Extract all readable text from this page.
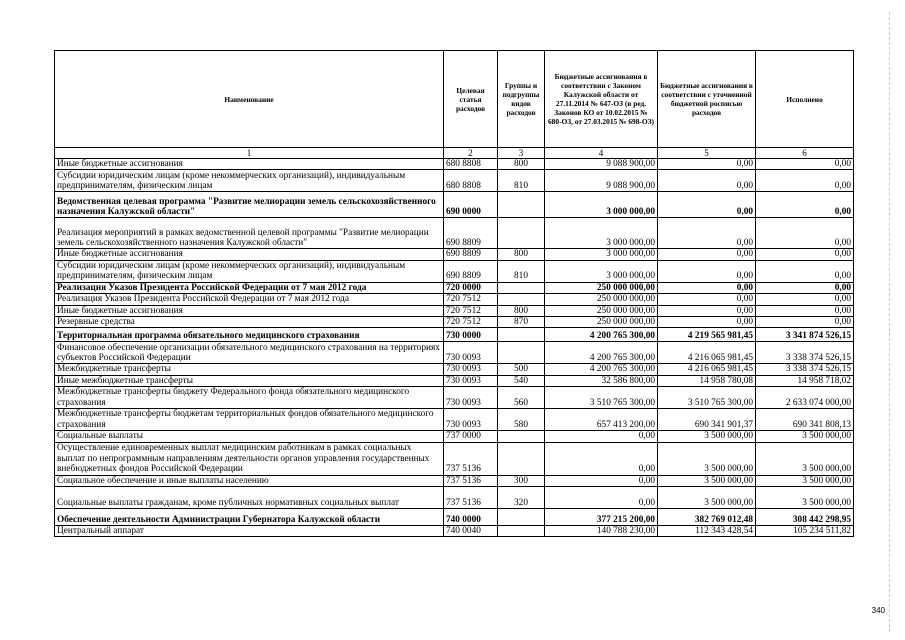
Наименование	Целевая статья расходов	Группы и подгруппы видов расходов	Бюджетные ассигнования в соответствии с Законом Калужской области от 27.11.2014 № 647-ОЗ (в ред. Законов КО от 10.02.2015 № 680-ОЗ, от 27.03.2015 № 698-ОЗ)	Бюджетные ассигнования в соответствии с уточненной бюджетной росписью расходов	Исполнено
1	2	3	4	5	6
Иные бюджетные ассигнования	680 8808	800	9 088 900,00	0,00	0,00
Субсидии юридическим лицам (кроме некоммерческих организаций), индивидуальным предпринимателям, физическим лицам	680 8808	810	9 088 900,00	0,00	0,00
Ведомственная целевая программа "Развитие мелиорации земель сельскохозяйственного назначения Калужской области"	690 0000		3 000 000,00	0,00	0,00
Реализация мероприятий в рамках ведомственной целевой программы "Развитие мелиорации земель сельскохозяйственного назначения Калужской области"	690 8809		3 000 000,00	0,00	0,00
Иные бюджетные ассигнования	690 8809	800	3 000 000,00	0,00	0,00
Субсидии юридическим лицам (кроме некоммерческих организаций), индивидуальным предпринимателям, физическим лицам	690 8809	810	3 000 000,00	0,00	0,00
Реализация Указов Президента Российской Федерации от 7 мая 2012 года	720 0000		250 000 000,00	0,00	0,00
Реализация Указов Президента Российской Федерации от 7 мая 2012 года	720 7512		250 000 000,00	0,00	0,00
Иные бюджетные ассигнования	720 7512	800	250 000 000,00	0,00	0,00
Резервные средства	720 7512	870	250 000 000,00	0,00	0,00
Территориальная программа обязательного медицинского страхования	730 0000		4 200 765 300,00	4 219 565 981,45	3 341 874 526,15
Финансовое обеспечение организации обязательного медицинского страхования на территориях субъектов Российской Федерации	730 0093		4 200 765 300,00	4 216 065 981,45	3 338 374 526,15
Межбюджетные трансферты	730 0093	500	4 200 765 300,00	4 216 065 981,45	3 338 374 526,15
Иные межбюджетные трансферты	730 0093	540	32 586 800,00	14 958 780,08	14 958 718,02
Межбюджетные трансферты бюджету Федерального фонда обязательного медицинского страхования	730 0093	560	3 510 765 300,00	3 510 765 300,00	2 633 074 000,00
Межбюджетные трансферты бюджетам территориальных фондов обязательного медицинского страхования	730 0093	580	657 413 200,00	690 341 901,37	690 341 808,13
Социальные выплаты	737 0000		0,00	3 500 000,00	3 500 000,00
Осуществление единовременных выплат медицинским работникам в рамках социальных выплат по непрограммным направлениям деятельности органов управления государственных внебюджетных фондов Российской Федерации	737 5136		0,00	3 500 000,00	3 500 000,00
Социальное обеспечение и иные выплаты населению	737 5136	300	0,00	3 500 000,00	3 500 000,00
Социальные выплаты гражданам, кроме публичных нормативных социальных выплат	737 5136	320	0,00	3 500 000,00	3 500 000,00
Обеспечение деятельности Администрации Губернатора Калужской области	740 0000		377 215 200,00	382 769 012,48	308 442 298,95
Центральный аппарат	740 0040		140 788 230,00	112 343 428,54	105 234 511,82
340
